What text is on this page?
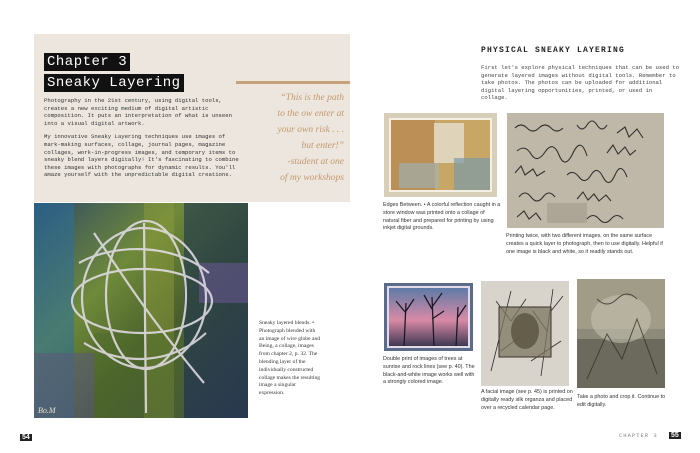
Chapter 3
Sneaky Layering

Photography in the 21st century, using digital tools, creates a new exciting medium of digital artistic composition. It puts an interpretation of what is unseen into a visual digital artwork.

My innovative Sneaky Layering techniques use images of mark-making surfaces, collage, journal pages, magazine collages, work-in-progress images, and temporary items to sneaky blend layers digitally! It's fascinating to combine these images with photographs for dynamic results. You'll amaze yourself with the unpredictable digital creations.

“This is the path
to the ow enter at
your own risk . . .
but enter!”
-student at one
of my workshops
Bo.M
Sneaky layered blends. • Photograph blended with an image of wire globe and Being, a collage, images from chapter 2, p. 32. The blending layer of the individually constructed collage makes the resulting image a singular expression.
54
PHYSICAL SNEAKY LAYERING
First let's explore physical techniques that can be used to generate layered images without digital tools. Remember to take photos. The photos can be uploaded for additional digital layering opportunities, printed, or used in collage.
Edges Between. • A colorful reflection caught in a store window was printed onto a collage of natural fiber and prepared for printing by using inkjet digital grounds.
Printing twice, with two different images, on the same surface creates a quick layer to photograph, then to use digitally. Helpful if one image is black and white, so it readily stands out.
Double print of images of trees at sunrise and rock lines (see p. 40). The black-and-white image works well with a strongly colored image.
A facial image (see p. 45) is printed on digitally ready silk organza and placed over a recycled calendar page.
Take a photo and crop it. Continue to edit digitally.
CHAPTER 3 55
